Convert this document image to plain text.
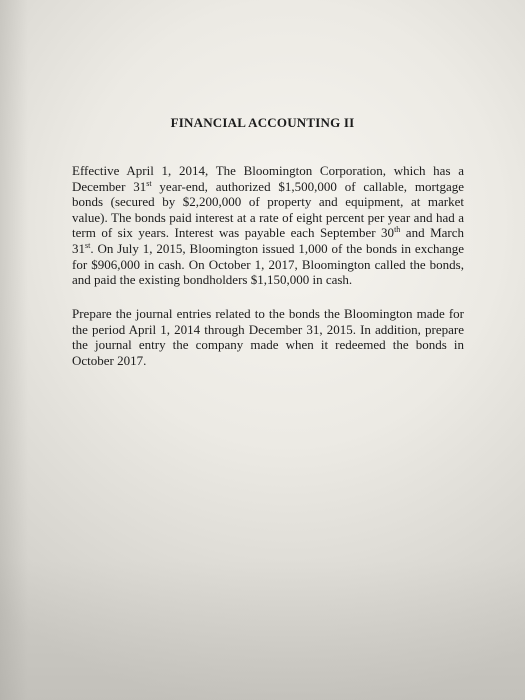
FINANCIAL ACCOUNTING II

Effective April 1, 2014, The Bloomington Corporation, which has a December 31st year-end, authorized $1,500,000 of callable, mortgage bonds (secured by $2,200,000 of property and equipment, at market value). The bonds paid interest at a rate of eight percent per year and had a term of six years. Interest was payable each September 30th and March 31st. On July 1, 2015, Bloomington issued 1,000 of the bonds in exchange for $906,000 in cash. On October 1, 2017, Bloomington called the bonds, and paid the existing bondholders $1,150,000 in cash.

Prepare the journal entries related to the bonds the Bloomington made for the period April 1, 2014 through December 31, 2015. In addition, prepare the journal entry the company made when it redeemed the bonds in October 2017.
